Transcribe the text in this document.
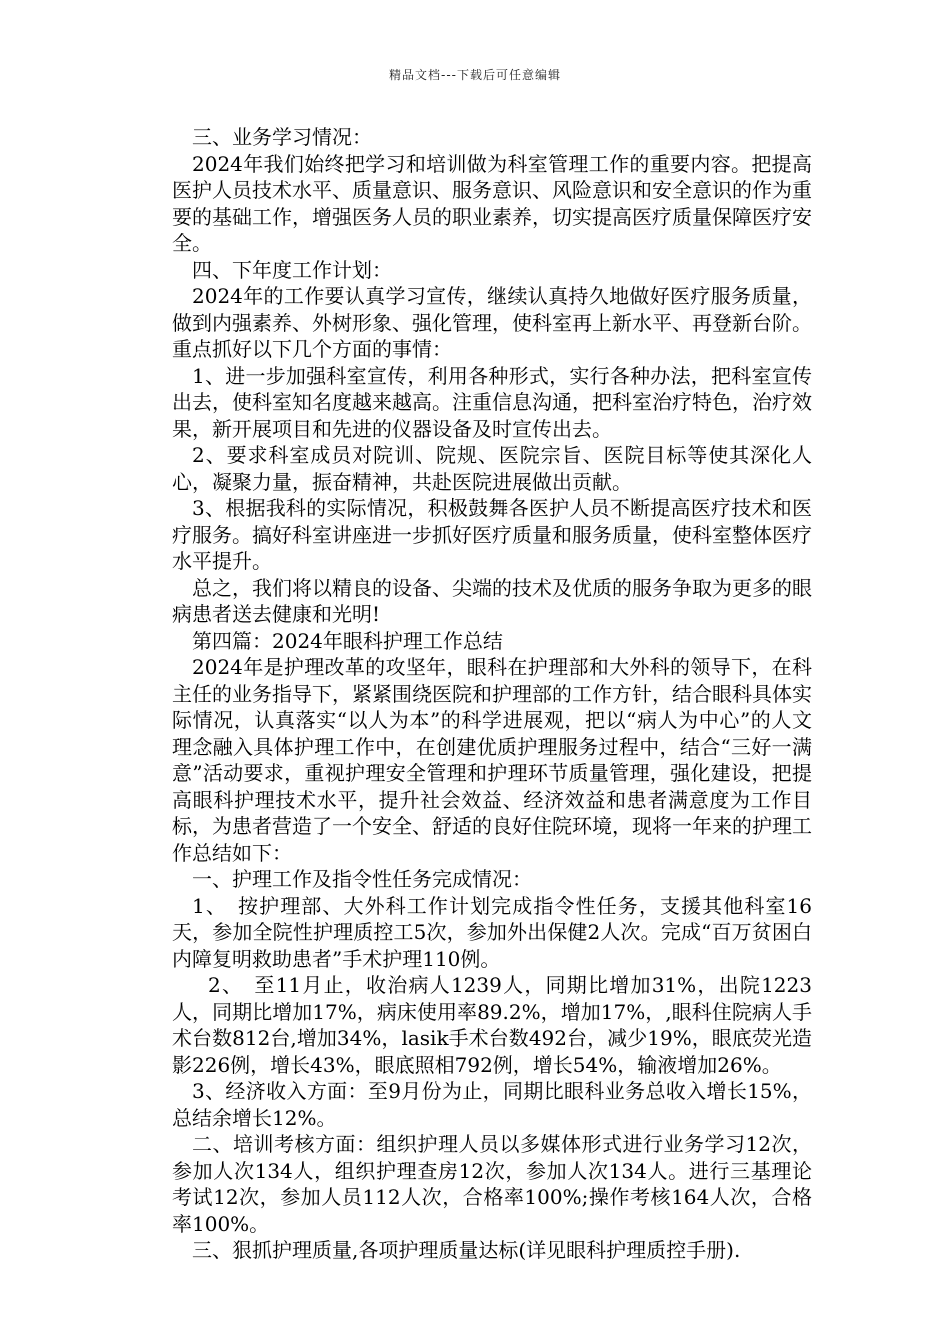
精品文档---下载后可任意编辑

三、业务学习情况：

2024年我们始终把学习和培训做为科室管理工作的重要内容。把提高医护人员技术水平、质量意识、服务意识、风险意识和安全意识的作为重要的基础工作，增强医务人员的职业素养，切实提高医疗质量保障医疗安全。

四、下年度工作计划：

2024年的工作要认真学习宣传，继续认真持久地做好医疗服务质量，做到内强素养、外树形象、强化管理，使科室再上新水平、再登新台阶。重点抓好以下几个方面的事情：

1、进一步加强科室宣传，利用各种形式，实行各种办法，把科室宣传出去，使科室知名度越来越高。注重信息沟通，把科室治疗特色，治疗效果，新开展项目和先进的仪器设备及时宣传出去。

2、要求科室成员对院训、院规、医院宗旨、医院目标等使其深化人心，凝聚力量，振奋精神，共赴医院进展做出贡献。

3、根据我科的实际情况，积极鼓舞各医护人员不断提高医疗技术和医疗服务。搞好科室讲座进一步抓好医疗质量和服务质量，使科室整体医疗水平提升。

总之，我们将以精良的设备、尖端的技术及优质的服务争取为更多的眼病患者送去健康和光明!

第四篇：2024年眼科护理工作总结

2024年是护理改革的攻坚年，眼科在护理部和大外科的领导下，在科主任的业务指导下，紧紧围绕医院和护理部的工作方针，结合眼科具体实际情况，认真落实“以人为本”的科学进展观，把以“病人为中心”的人文理念融入具体护理工作中，在创建优质护理服务过程中，结合“三好一满意”活动要求，重视护理安全管理和护理环节质量管理，强化建设，把提高眼科护理技术水平，提升社会效益、经济效益和患者满意度为工作目标，为患者营造了一个安全、舒适的良好住院环境，现将一年来的护理工作总结如下：

一、护理工作及指令性任务完成情况：

1、　按护理部、大外科工作计划完成指令性任务，支援其他科室16天，参加全院性护理质控工5次，参加外出保健2人次。完成“百万贫困白内障复明救助患者”手术护理110例。

2、　至11月止，收治病人1239人，同期比增加31%，出院1223人，同期比增加17%，病床使用率89.2%，增加17%，,眼科住院病人手术台数812台,增加34%，lasik手术台数492台，减少19%，眼底荧光造影226例，增长43%，眼底照相792例，增长54%，输液增加26%。

3、经济收入方面：至9月份为止，同期比眼科业务总收入增长15%，总结余增长12%。

二、培训考核方面：组织护理人员以多媒体形式进行业务学习12次，参加人次134人，组织护理查房12次，参加人次134人。进行三基理论考试12次，参加人员112人次，合格率100%;操作考核164人次，合格率100%。

三、狠抓护理质量,各项护理质量达标(详见眼科护理质控手册).
